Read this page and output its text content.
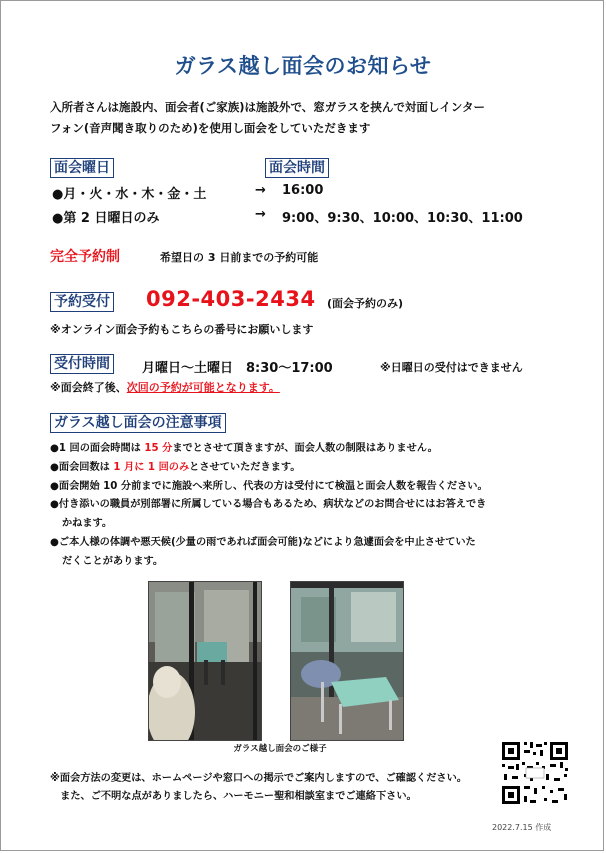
ガラス越し面会のお知らせ
入所者さんは施設内、面会者(ご家族)は施設外で、窓ガラスを挟んで対面しインター
フォン(音声聞き取りのため)を使用し面会をしていただきます
面会曜日	面会時間
●月・火・水・木・金・土	→ 16:00
●第 2 日曜日のみ	→ 9:00、9:30、10:00、10:30、11:00
完全予約制	希望日の 3 日前までの予約可能
予約受付 092-403-2434 (面会予約のみ)
※オンライン面会予約もこちらの番号にお願いします
受付時間	月曜日～土曜日　8:30～17:00	※日曜日の受付はできません
※面会終了後、次回の予約が可能となります。
ガラス越し面会の注意事項
●1 回の面会時間は 15 分までとさせて頂きますが、面会人数の制限はありません。
●面会回数は 1 月に 1 回のみとさせていただきます。
●面会開始 10 分前までに施設へ来所し、代表の方は受付にて検温と面会人数を報告ください。
●付き添いの職員が別部署に所属している場合もあるため、病状などのお問合せにはお答えでき
かねます。
●ご本人様の体調や悪天候(少量の雨であれば面会可能)などにより急遽面会を中止させていた
だくことがあります。
ガラス越し面会のご様子
※面会方法の変更は、ホームページや窓口への掲示でご案内しますので、ご確認ください。
　また、ご不明な点がありましたら、ハーモニー聖和相談室までご連絡下さい。
2022.7.15 作成
